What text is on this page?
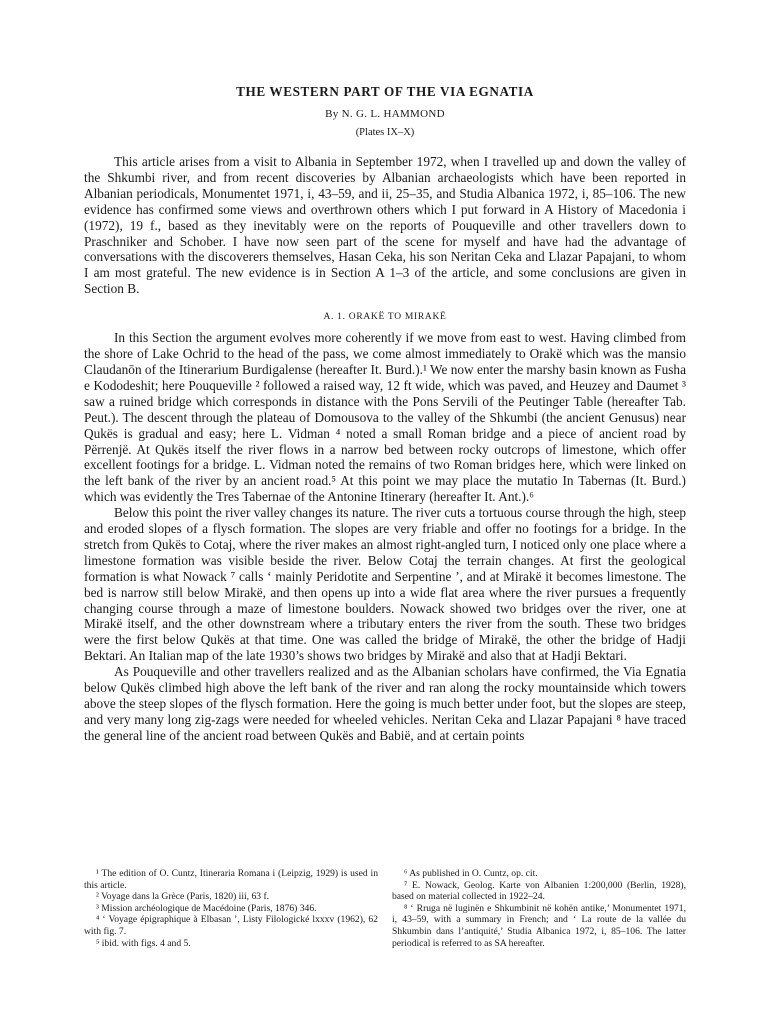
THE WESTERN PART OF THE VIA EGNATIA
By N. G. L. HAMMOND
(Plates IX–X)

This article arises from a visit to Albania in September 1972, when I travelled up and down the valley of the Shkumbi river, and from recent discoveries by Albanian archaeologists which have been reported in Albanian periodicals, Monumentet 1971, i, 43–59, and ii, 25–35, and Studia Albanica 1972, i, 85–106. The new evidence has confirmed some views and overthrown others which I put forward in A History of Macedonia i (1972), 19 f., based as they inevitably were on the reports of Pouqueville and other travellers down to Praschniker and Schober. I have now seen part of the scene for myself and have had the advantage of conversations with the discoverers themselves, Hasan Ceka, his son Neritan Ceka and Llazar Papajani, to whom I am most grateful. The new evidence is in Section A 1–3 of the article, and some conclusions are given in Section B.

A. 1. ORAKË TO MIRAKË

In this Section the argument evolves more coherently if we move from east to west. Having climbed from the shore of Lake Ochrid to the head of the pass, we come almost immediately to Orakë which was the mansio Claudanōn of the Itinerarium Burdigalense (hereafter It. Burd.).¹ We now enter the marshy basin known as Fusha e Kododeshit; here Pouqueville ² followed a raised way, 12 ft wide, which was paved, and Heuzey and Daumet ³ saw a ruined bridge which corresponds in distance with the Pons Servili of the Peutinger Table (hereafter Tab. Peut.). The descent through the plateau of Domousova to the valley of the Shkumbi (the ancient Genusus) near Qukës is gradual and easy; here L. Vidman ⁴ noted a small Roman bridge and a piece of ancient road by Përrenjë. At Qukës itself the river flows in a narrow bed between rocky outcrops of limestone, which offer excellent footings for a bridge. L. Vidman noted the remains of two Roman bridges here, which were linked on the left bank of the river by an ancient road.⁵ At this point we may place the mutatio In Tabernas (It. Burd.) which was evidently the Tres Tabernae of the Antonine Itinerary (hereafter It. Ant.).⁶

Below this point the river valley changes its nature. The river cuts a tortuous course through the high, steep and eroded slopes of a flysch formation. The slopes are very friable and offer no footings for a bridge. In the stretch from Qukës to Cotaj, where the river makes an almost right-angled turn, I noticed only one place where a limestone formation was visible beside the river. Below Cotaj the terrain changes. At first the geological formation is what Nowack ⁷ calls ‘ mainly Peridotite and Serpentine ’, and at Mirakë it becomes limestone. The bed is narrow still below Mirakë, and then opens up into a wide flat area where the river pursues a frequently changing course through a maze of limestone boulders. Nowack showed two bridges over the river, one at Mirakë itself, and the other downstream where a tributary enters the river from the south. These two bridges were the first below Qukës at that time. One was called the bridge of Mirakë, the other the bridge of Hadji Bektari. An Italian map of the late 1930’s shows two bridges by Mirakë and also that at Hadji Bektari.

As Pouqueville and other travellers realized and as the Albanian scholars have confirmed, the Via Egnatia below Qukës climbed high above the left bank of the river and ran along the rocky mountainside which towers above the steep slopes of the flysch formation. Here the going is much better under foot, but the slopes are steep, and very many long zig-zags were needed for wheeled vehicles. Neritan Ceka and Llazar Papajani ⁸ have traced the general line of the ancient road between Qukës and Babië, and at certain points

¹ The edition of O. Cuntz, Itineraria Romana i (Leipzig, 1929) is used in this article.
² Voyage dans la Grèce (Paris, 1820) iii, 63 f.
³ Mission archéologique de Macédoine (Paris, 1876) 346.
⁴ ‘ Voyage épigraphique à Elbasan ’, Listy Filologické lxxxv (1962), 62 with fig. 7.
⁵ ibid. with figs. 4 and 5.
⁶ As published in O. Cuntz, op. cit.
⁷ E. Nowack, Geolog. Karte von Albanien 1:200,000 (Berlin, 1928), based on material collected in 1922–24.
⁸ ‘ Rruga në luginën e Shkumbinit në kohën antike,’ Monumentet 1971, i, 43–59, with a summary in French; and ‘ La route de la vallée du Shkumbin dans l’antiquité,’ Studia Albanica 1972, i, 85–106. The latter periodical is referred to as SA hereafter.
